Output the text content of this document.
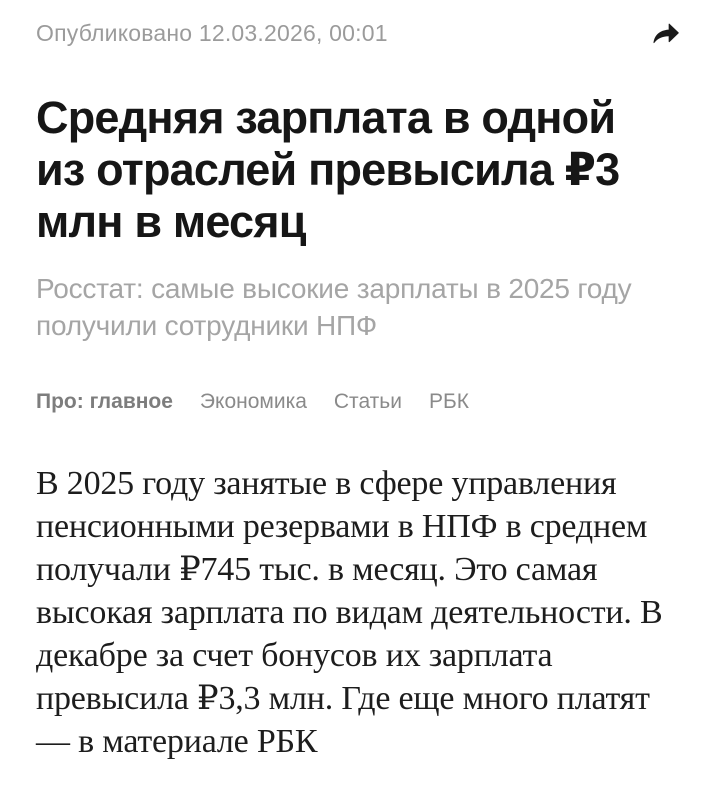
Опубликовано 12.03.2026, 00:01
Средняя зарплата в одной
из отраслей превысила ₽3
млн в месяц

Росстат: самые высокие зарплаты в 2025 году получили сотрудники НПФ

Про: главное Экономика Статьи РБК

В 2025 году занятые в сфере управления пенсионными резервами в НПФ в среднем получали ₽745 тыс. в месяц. Это самая высокая зарплата по видам деятельности. В декабре за счет бонусов их зарплата превысила ₽3,3 млн. Где еще много платят — в материале РБК
